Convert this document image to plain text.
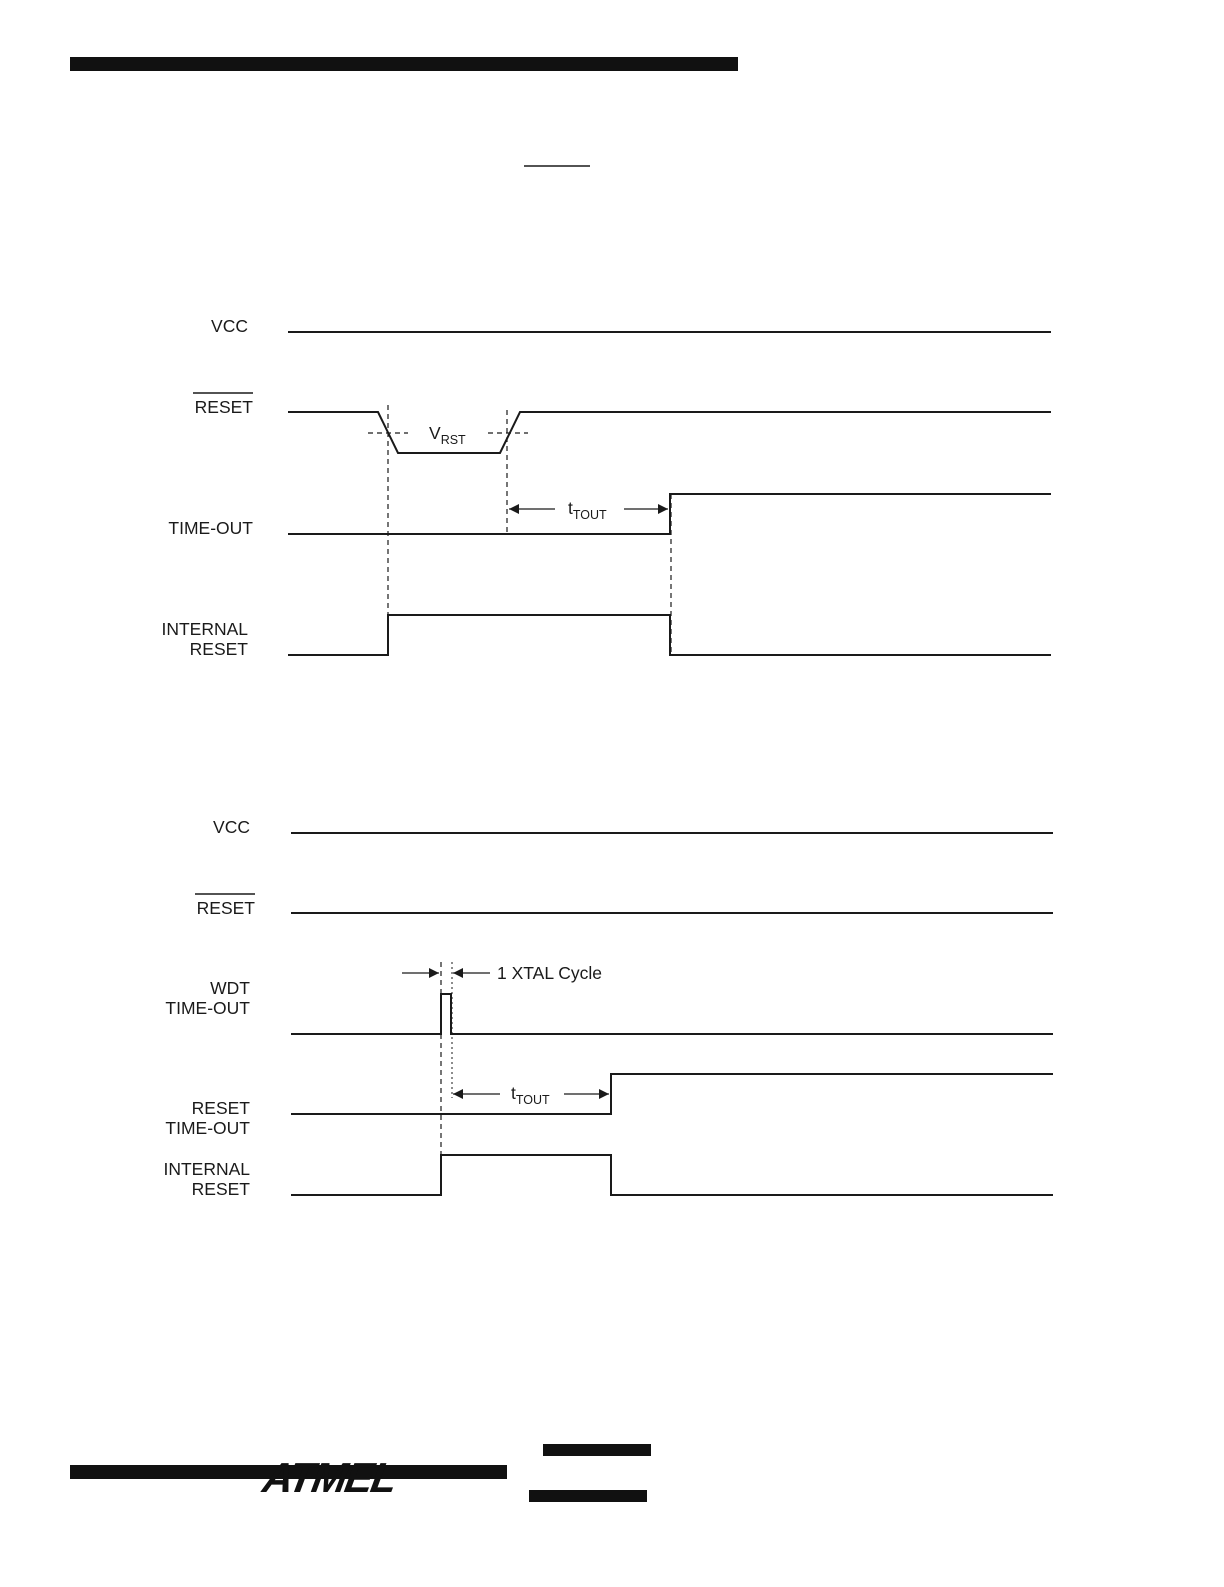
VCC
RESET
$V_{RST}$
TIME-OUT
INTERNAL
RESET
$t_{TOUT}$
VCC
RESET
WDT
TIME-OUT
1 XTAL Cycle
RESET
TIME-OUT
$t_{TOUT}$
INTERNAL
RESET
ATMEL
